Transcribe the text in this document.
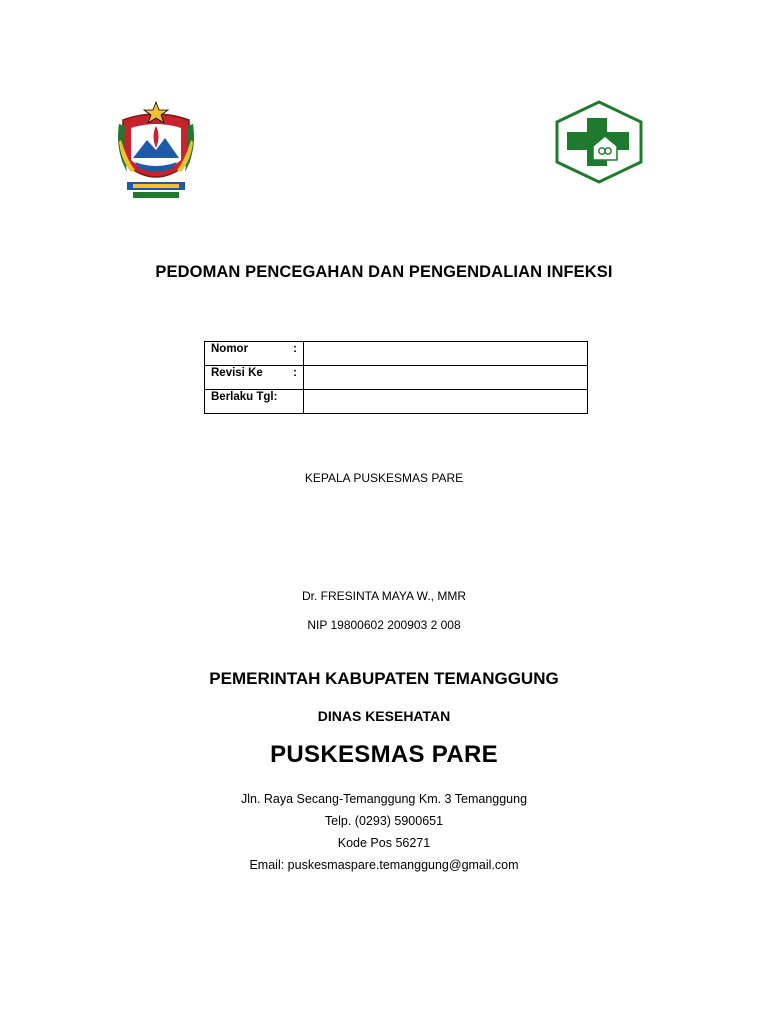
PEDOMAN PENCEGAHAN DAN PENGENDALIAN INFEKSI
Nomor :	

Revisi Ke :	

Berlaku Tgl:	

KEPALA PUSKESMAS PARE
Dr. FRESINTA MAYA W., MMR
NIP 19800602 200903 2 008
PEMERINTAH KABUPATEN TEMANGGUNG
DINAS KESEHATAN
PUSKESMAS PARE
Jln. Raya Secang-Temanggung Km. 3 Temanggung
Telp. (0293) 5900651
Kode Pos 56271
Email: puskesmaspare.temanggung@gmail.com
